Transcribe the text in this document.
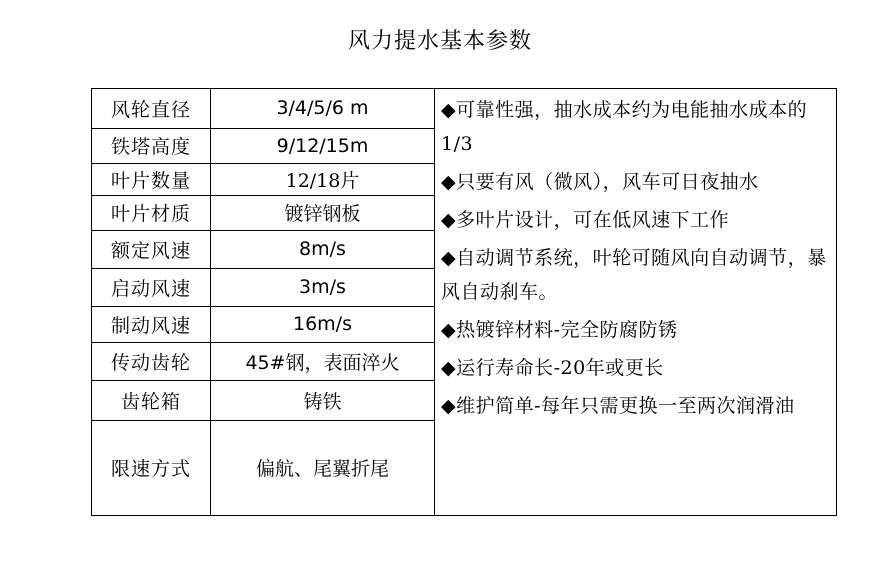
风力提水基本参数
风轮直径	3/4/5/6 m
铁塔高度	9/12/15m
叶片数量	12/18片
叶片材质	镀锌钢板
额定风速	8m/s
启动风速	3m/s
制动风速	16m/s
传动齿轮	45#钢，表面淬火
齿轮箱	铸铁
限速方式	偏航、尾翼折尾

◆可靠性强，抽水成本约为电能抽水成本的1/3

◆只要有风（微风），风车可日夜抽水

◆多叶片设计，可在低风速下工作

◆自动调节系统，叶轮可随风向自动调节，暴风自动刹车。

◆热镀锌材料-完全防腐防锈

◆运行寿命长-20年或更长

◆维护简单-每年只需更换一至两次润滑油
